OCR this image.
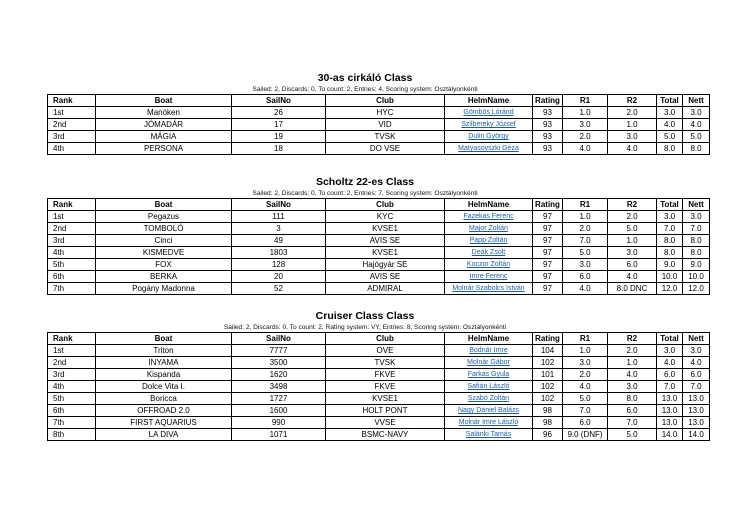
30-as cirkáló Class
Sailed: 2, Discards: 0, To count: 2, Entries: 4, Scoring system: Osztályonkénti
Rank	Boat	SailNo	Club	HelmName	Rating	R1	R2	Total	Nett
1st	Manöken	26	HYC	Gömbös Lóránd	93	1.0	2.0	3.0	3.0
2nd	JÓMADÁR	17	VID	Szilbereky József	93	3.0	1.0	4.0	4.0
3rd	MÁGIA	19	TVSK	Dulin György	93	2.0	3.0	5.0	5.0
4th	PERSONA	18	DO VSE	Matyasovszki Géza	93	4.0	4.0	8.0	8.0
Scholtz 22-es Class
Sailed: 2, Discards: 0, To count: 2, Entries: 7, Scoring system: Osztályonkénti
Rank	Boat	SailNo	Club	HelmName	Rating	R1	R2	Total	Nett
1st	Pegazus	111	KYC	Fazekas Ferenc	97	1.0	2.0	3.0	3.0
2nd	TOMBOLÓ	3	KVSE1	Major Zoltán	97	2.0	5.0	7.0	7.0
3rd	Cinci	49	AVIS SE	Papp Zoltán	97	7.0	1.0	8.0	8.0
4th	KISMEDVE	1803	KVSE1	Deák Zsolt	97	5.0	3.0	8.0	8.0
5th	FOX	128	Hajógyár SE	Koczor Zoltán	97	3.0	6.0	9.0	9.0
6th	BERKA	20	AVIS SE	Imre Ferenc	97	6.0	4.0	10.0	10.0
7th	Pogány Madonna	52	ADMIRAL	Molnár Szabolcs István	97	4.0	8.0 DNC	12.0	12.0
Cruiser Class Class
Sailed: 2, Discards: 0, To count: 2, Rating system: VY, Entries: 8, Scoring system: Osztályonkénti
Rank	Boat	SailNo	Club	HelmName	Rating	R1	R2	Total	Nett
1st	Triton	7777	OVE	Bodnár Imre	104	1.0	2.0	3.0	3.0
2nd	INYAMA	3500	TVSK	Molnár Gábor	102	3.0	1.0	4.0	4.0
3rd	Kispanda	1620	FKVE	Farkas Gyula	101	2.0	4.0	6.0	6.0
4th	Dolce Vita I.	3498	FKVE	Safián László	102	4.0	3.0	7.0	7.0
5th	Boricca	1727	KVSE1	Szabó Zoltán	102	5.0	8.0	13.0	13.0
6th	OFFROAD 2.0	1600	HOLT PONT	Nagy Dániel Balázs	98	7.0	6.0	13.0	13.0
7th	FIRST AQUARIUS	990	VVSE	Molnár Imre László	98	6.0	7.0	13.0	13.0
8th	LA DIVA	1071	BSMC-NAVY	Salánki Tamás	96	9.0 (DNF)	5.0	14.0	14.0
